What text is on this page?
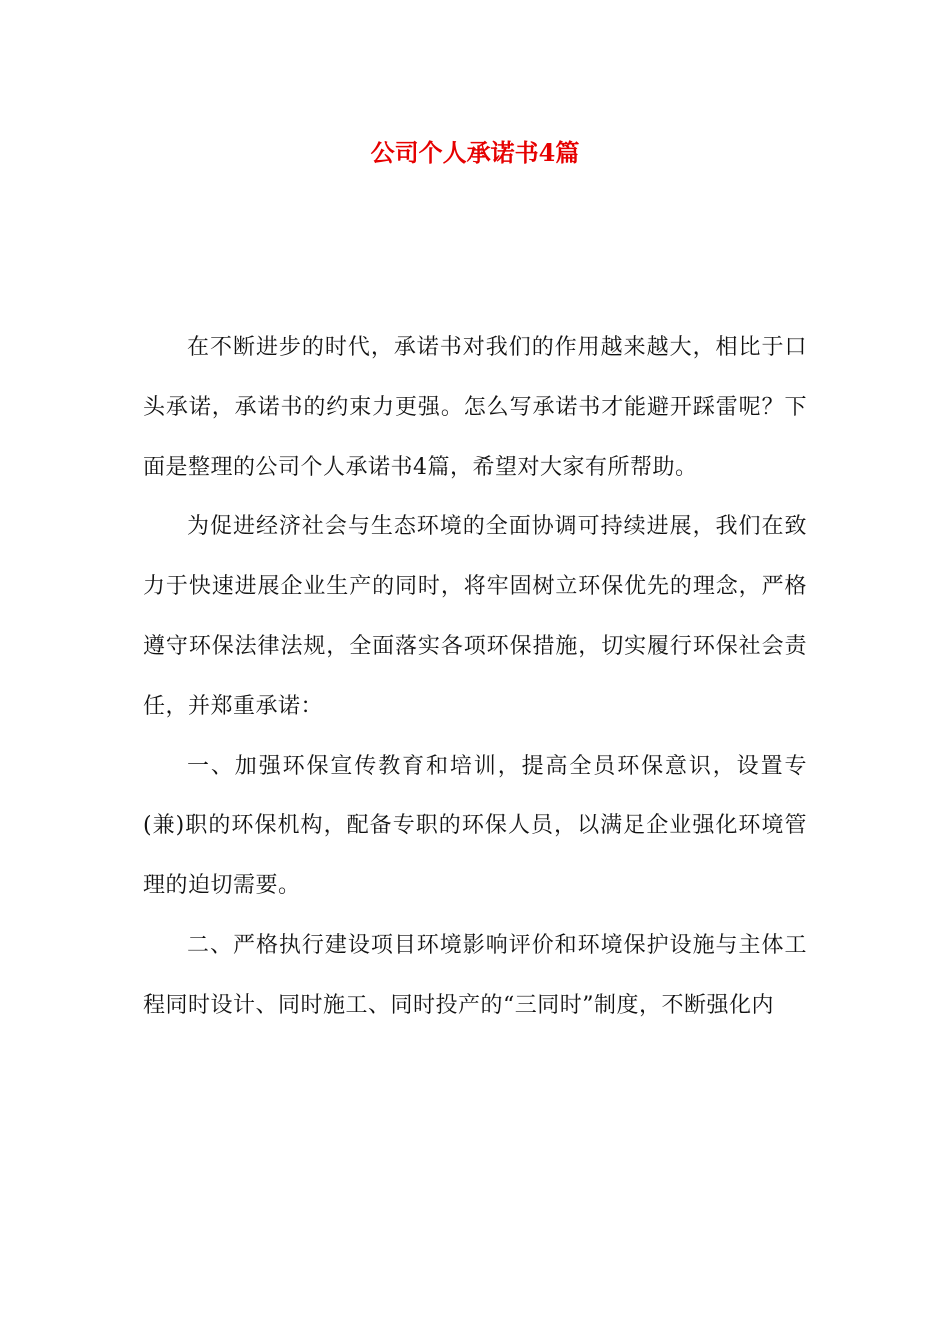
公司个人承诺书4篇

在不断进步的时代，承诺书对我们的作用越来越大，相比于口头承诺，承诺书的约束力更强。怎么写承诺书才能避开踩雷呢？下面是整理的公司个人承诺书4篇，希望对大家有所帮助。

为促进经济社会与生态环境的全面协调可持续进展，我们在致力于快速进展企业生产的同时，将牢固树立环保优先的理念，严格遵守环保法律法规，全面落实各项环保措施，切实履行环保社会责任，并郑重承诺：

一、加强环保宣传教育和培训，提高全员环保意识，设置专(兼)职的环保机构，配备专职的环保人员，以满足企业强化环境管理的迫切需要。

二、严格执行建设项目环境影响评价和环境保护设施与主体工程同时设计、同时施工、同时投产的“三同时”制度，不断强化内
